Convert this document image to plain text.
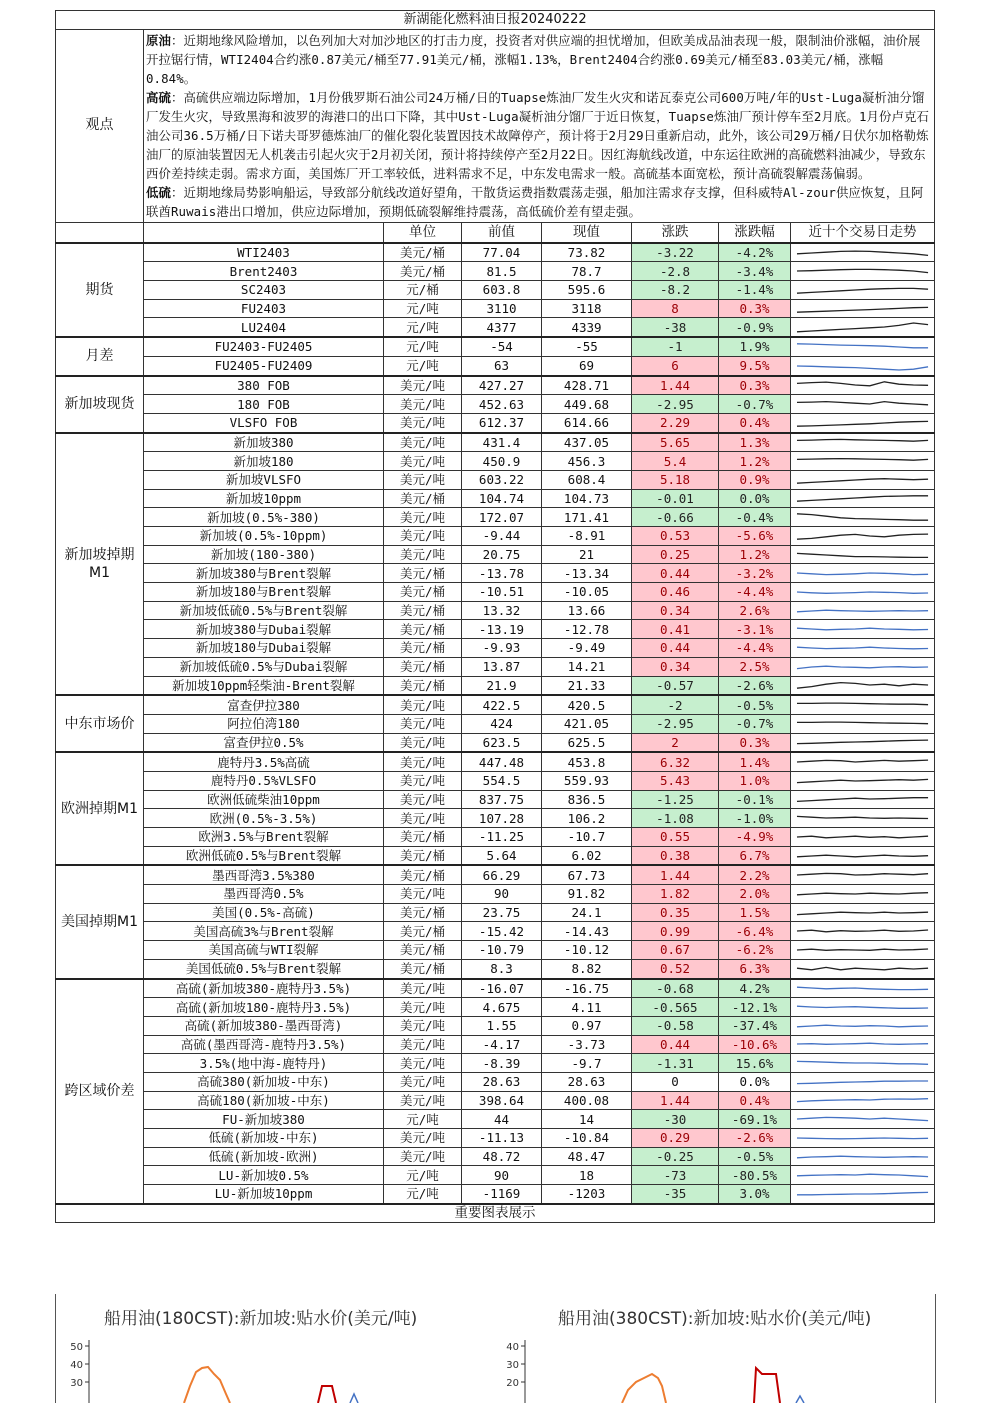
新湖能化燃料油日报20240222							
观点	原油：近期地缘风险增加，以色列加大对加沙地区的打击力度，投资者对供应端的担忧增加，但欧美成品油表现一般，限制油价涨幅，油价展开拉锯行情，WTI2404合约涨0.87美元/桶至77.91美元/桶，涨幅1.13%，Brent2404合约涨0.69美元/桶至83.03美元/桶，涨幅0.84%。
高硫：高硫供应端边际增加，1月份俄罗斯石油公司24万桶/日的Tuapse炼油厂发生火灾和诺瓦泰克公司600万吨/年的Ust-Luga凝析油分馏厂发生火灾，导致黑海和波罗的海港口的出口下降，其中Ust-Luga凝析油分馏厂于近日恢复，Tuapse炼油厂预计停车至2月底。1月份卢克石油公司36.5万桶/日下诺夫哥罗德炼油厂的催化裂化装置因技术故障停产，预计将于2月29日重新启动，此外，该公司29万桶/日伏尔加格勒炼油厂的原油装置因无人机袭击引起火灾于2月初关闭，预计将持续停产至2月22日。因红海航线改道，中东运往欧洲的高硫燃料油减少，导致东西价差持续走弱。需求方面，美国炼厂开工率较低，进料需求不足，中东发电需求一般。高硫基本面宽松，预计高硫裂解震荡偏弱。
低硫：近期地缘局势影响船运，导致部分航线改道好望角，干散货运费指数震荡走强，船加注需求存支撑，但科威特Al-zour供应恢复，且阿联酋Ruwais港出口增加，供应边际增加，预期低硫裂解维持震荡，高低硫价差有望走强。						

		单位	前值	现值	涨跌	涨跌幅	近十个交易日走势
期货	WTI2403	美元/桶	77.04	73.82	-3.22	-4.2%	

	Brent2403	美元/桶	81.5	78.7	-2.8	-3.4%	

	SC2403	元/桶	603.8	595.6	-8.2	-1.4%	

	FU2403	元/吨	3110	3118	8	0.3%	

	LU2404	元/吨	4377	4339	-38	-0.9%	

月差	FU2403-FU2405	元/吨	-54	-55	-1	1.9%	

	FU2405-FU2409	元/吨	63	69	6	9.5%	

新加坡现货	380 FOB	美元/吨	427.27	428.71	1.44	0.3%	

	180 FOB	美元/吨	452.63	449.68	-2.95	-0.7%	

	VLSFO FOB	美元/吨	612.37	614.66	2.29	0.4%	

新加坡掉期M1	新加坡380	美元/吨	431.4	437.05	5.65	1.3%	

	新加坡180	美元/吨	450.9	456.3	5.4	1.2%	

	新加坡VLSFO	美元/吨	603.22	608.4	5.18	0.9%	

	新加坡10ppm	美元/桶	104.74	104.73	-0.01	0.0%	

	新加坡(0.5%-380)	美元/吨	172.07	171.41	-0.66	-0.4%	

	新加坡(0.5%-10ppm)	美元/吨	-9.44	-8.91	0.53	-5.6%	

	新加坡(180-380)	美元/吨	20.75	21	0.25	1.2%	

	新加坡380与Brent裂解	美元/桶	-13.78	-13.34	0.44	-3.2%	

	新加坡180与Brent裂解	美元/桶	-10.51	-10.05	0.46	-4.4%	

	新加坡低硫0.5%与Brent裂解	美元/桶	13.32	13.66	0.34	2.6%	

	新加坡380与Dubai裂解	美元/桶	-13.19	-12.78	0.41	-3.1%	

	新加坡180与Dubai裂解	美元/桶	-9.93	-9.49	0.44	-4.4%	

	新加坡低硫0.5%与Dubai裂解	美元/桶	13.87	14.21	0.34	2.5%	

	新加坡10ppm轻柴油-Brent裂解	美元/桶	21.9	21.33	-0.57	-2.6%	

中东市场价	富查伊拉380	美元/吨	422.5	420.5	-2	-0.5%	

	阿拉伯湾180	美元/吨	424	421.05	-2.95	-0.7%	

	富查伊拉0.5%	美元/吨	623.5	625.5	2	0.3%	

欧洲掉期M1	鹿特丹3.5%高硫	美元/吨	447.48	453.8	6.32	1.4%	

	鹿特丹0.5%VLSFO	美元/吨	554.5	559.93	5.43	1.0%	

	欧洲低硫柴油10ppm	美元/吨	837.75	836.5	-1.25	-0.1%	

	欧洲(0.5%-3.5%)	美元/吨	107.28	106.2	-1.08	-1.0%	

	欧洲3.5%与Brent裂解	美元/桶	-11.25	-10.7	0.55	-4.9%	

	欧洲低硫0.5%与Brent裂解	美元/桶	5.64	6.02	0.38	6.7%	

美国掉期M1	墨西哥湾3.5%380	美元/桶	66.29	67.73	1.44	2.2%	

	墨西哥湾0.5%	美元/吨	90	91.82	1.82	2.0%	

	美国(0.5%-高硫)	美元/桶	23.75	24.1	0.35	1.5%	

	美国高硫3%与Brent裂解	美元/桶	-15.42	-14.43	0.99	-6.4%	

	美国高硫与WTI裂解	美元/桶	-10.79	-10.12	0.67	-6.2%	

	美国低硫0.5%与Brent裂解	美元/桶	8.3	8.82	0.52	6.3%	

跨区域价差	高硫(新加坡380-鹿特丹3.5%)	美元/吨	-16.07	-16.75	-0.68	4.2%	

	高硫(新加坡180-鹿特丹3.5%)	美元/吨	4.675	4.11	-0.565	-12.1%	

	高硫(新加坡380-墨西哥湾)	美元/吨	1.55	0.97	-0.58	-37.4%	

	高硫(墨西哥湾-鹿特丹3.5%)	美元/吨	-4.17	-3.73	0.44	-10.6%	

	3.5%(地中海-鹿特丹)	美元/吨	-8.39	-9.7	-1.31	15.6%	

	高硫380(新加坡-中东)	美元/吨	28.63	28.63	0	0.0%	

	高硫180(新加坡-中东)	美元/吨	398.64	400.08	1.44	0.4%	

	FU-新加坡380	元/吨	44	14	-30	-69.1%	

	低硫(新加坡-中东)	美元/吨	-11.13	-10.84	0.29	-2.6%	

	低硫(新加坡-欧洲)	美元/吨	48.72	48.47	-0.25	-0.5%	

	LU-新加坡0.5%	元/吨	90	18	-73	-80.5%	

	LU-新加坡10ppm	元/吨	-1169	-1203	-35	3.0%	

重要图表展示							
船用油(180CST):新加坡:贴水价(美元/吨)	船用油(380CST):新加坡:贴水价(美元/吨)
50
40
30
40
30
20
